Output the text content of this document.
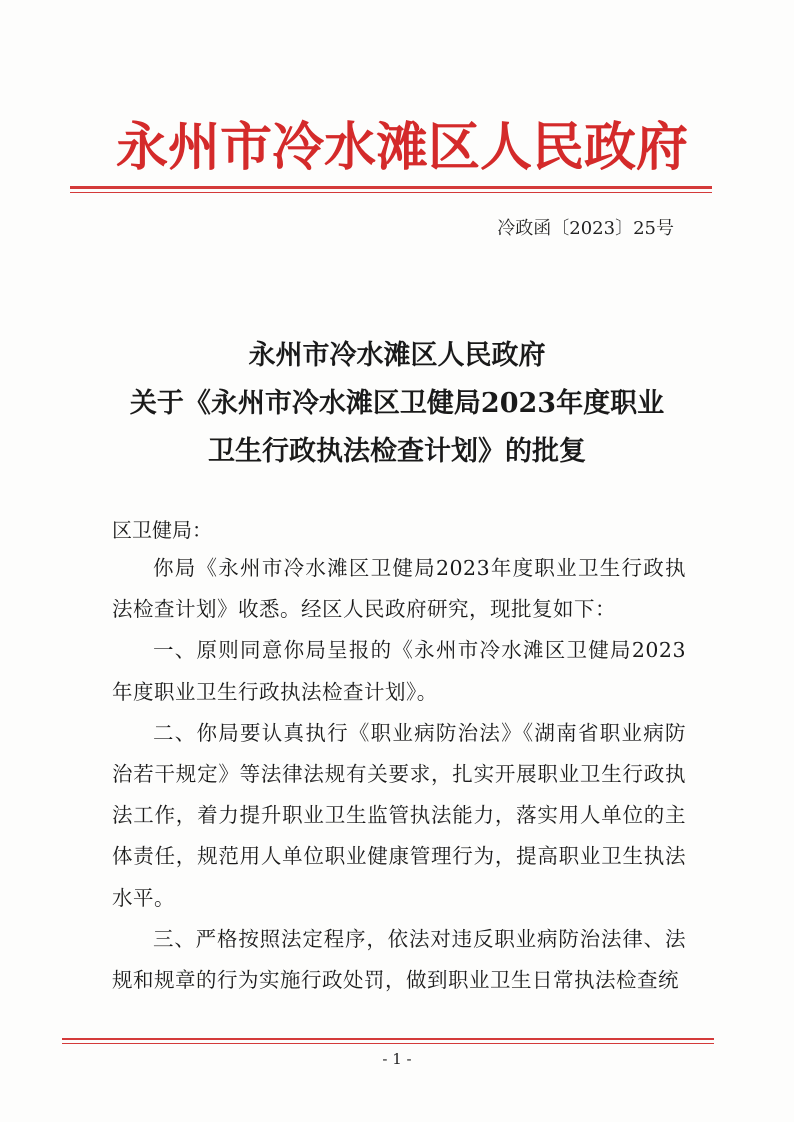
永州市冷水滩区人民政府
冷政函〔2023〕25号
永州市冷水滩区人民政府
关于《永州市冷水滩区卫健局2023年度职业
卫生行政执法检查计划》的批复
区卫健局：

你局《永州市冷水滩区卫健局2023年度职业卫生行政执法检查计划》收悉。经区人民政府研究，现批复如下：

一、原则同意你局呈报的《永州市冷水滩区卫健局2023年度职业卫生行政执法检查计划》。

二、你局要认真执行《职业病防治法》《湖南省职业病防治若干规定》等法律法规有关要求，扎实开展职业卫生行政执法工作，着力提升职业卫生监管执法能力，落实用人单位的主体责任，规范用人单位职业健康管理行为，提高职业卫生执法水平。

三、严格按照法定程序，依法对违反职业病防治法律、法规和规章的行为实施行政处罚，做到职业卫生日常执法检查统

- 1 -
